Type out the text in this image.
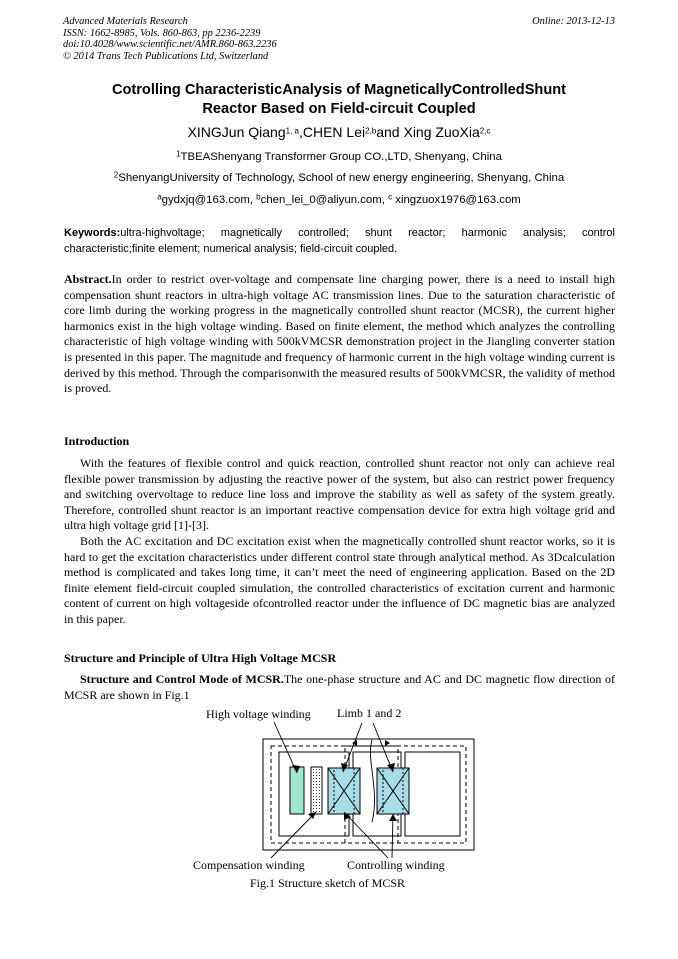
Advanced Materials Research
ISSN: 1662-8985, Vols. 860-863, pp 2236-2239
doi:10.4028/www.scientific.net/AMR.860-863.2236
© 2014 Trans Tech Publications Ltd, Switzerland
Online: 2013-12-13
Cotrolling CharacteristicAnalysis of MagneticallyControlledShunt
Reactor Based on Field-circuit Coupled
XINGJun Qiang$^{1, a}$,CHEN Lei$^{2,b}$and Xing ZuoXia$^{2,c}$
$^1$TBEAShenyang Transformer Group CO.,LTD, Shenyang, China
$^2$ShenyangUniversity of Technology, School of new energy engineering, Shenyang, China
$^a$gydxjq@163.com, $^b$chen_lei_0@aliyun.com, $^c$ xingzuox1976@163.com
Keywords:ultra-highvoltage; magnetically controlled; shunt reactor; harmonic analysis; control characteristic;finite element; numerical analysis; field-circuit coupled.
Abstract.In order to restrict over-voltage and compensate line charging power, there is a need to install high compensation shunt reactors in ultra-high voltage AC transmission lines. Due to the saturation characteristic of core limb during the working progress in the magnetically controlled shunt reactor (MCSR), the current higher harmonics exist in the high voltage winding. Based on finite element, the method which analyzes the controlling characteristic of high voltage winding with 500kVMCSR demonstration project in the Jiangling converter station is presented in this paper. The magnitude and frequency of harmonic current in the high voltage winding current is derived by this method. Through the comparisonwith the measured results of 500kVMCSR, the validity of method is proved.
Introduction
With the features of flexible control and quick reaction, controlled shunt reactor not only can achieve real flexible power transmission by adjusting the reactive power of the system, but also can restrict power frequency and switching overvoltage to reduce line loss and improve the stability as well as safety of the system greatly. Therefore, controlled shunt reactor is an important reactive compensation device for extra high voltage grid and ultra high voltage grid [1]-[3].
Both the AC excitation and DC excitation exist when the magnetically controlled shunt reactor works, so it is hard to get the excitation characteristics under different control state through analytical method. As 3Dcalculation method is complicated and takes long time, it can’t meet the need of engineering application. Based on the 2D finite element field-circuit coupled simulation, the controlled characteristics of excitation current and harmonic content of current on high voltageside ofcontrolled reactor under the influence of DC magnetic bias are analyzed in this paper.
Structure and Principle of Ultra High Voltage MCSR
Structure and Control Mode of MCSR.The one-phase structure and AC and DC magnetic flow direction of MCSR are shown in Fig.1
High voltage winding Limb 1 and 2
Compensation winding	Controlling winding
Fig.1 Structure sketch of MCSR
